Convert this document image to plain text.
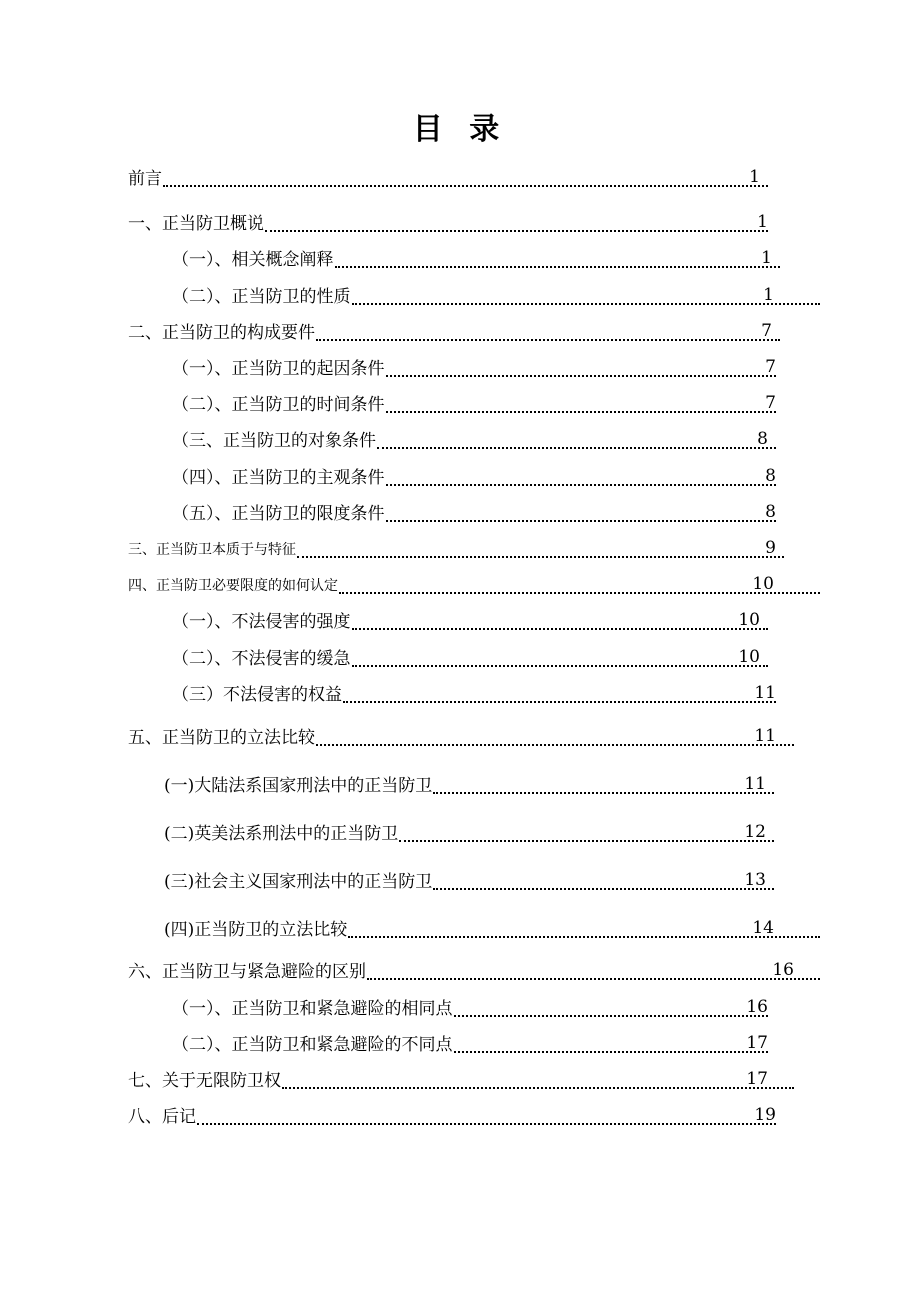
目 录
前言	1
一、正当防卫概说	1
（一）、相关概念阐释	1
（二）、正当防卫的性质	1
二、正当防卫的构成要件	7
（一）、正当防卫的起因条件	7
（二）、正当防卫的时间条件	7
（三、正当防卫的对象条件	8
（四）、正当防卫的主观条件	8
（五）、正当防卫的限度条件	8
三、正当防卫本质于与特征	9
四、正当防卫必要限度的如何认定	10
（一）、不法侵害的强度	10
（二）、不法侵害的缓急	10
（三）不法侵害的权益	11
五、正当防卫的立法比较	11
(一)大陆法系国家刑法中的正当防卫	11
(二)英美法系刑法中的正当防卫	12
(三)社会主义国家刑法中的正当防卫	13
(四)正当防卫的立法比较	14
六、正当防卫与紧急避险的区别	16
（一）、正当防卫和紧急避险的相同点	16
（二）、正当防卫和紧急避险的不同点	17
七、关于无限防卫权	17
八、后记	19
